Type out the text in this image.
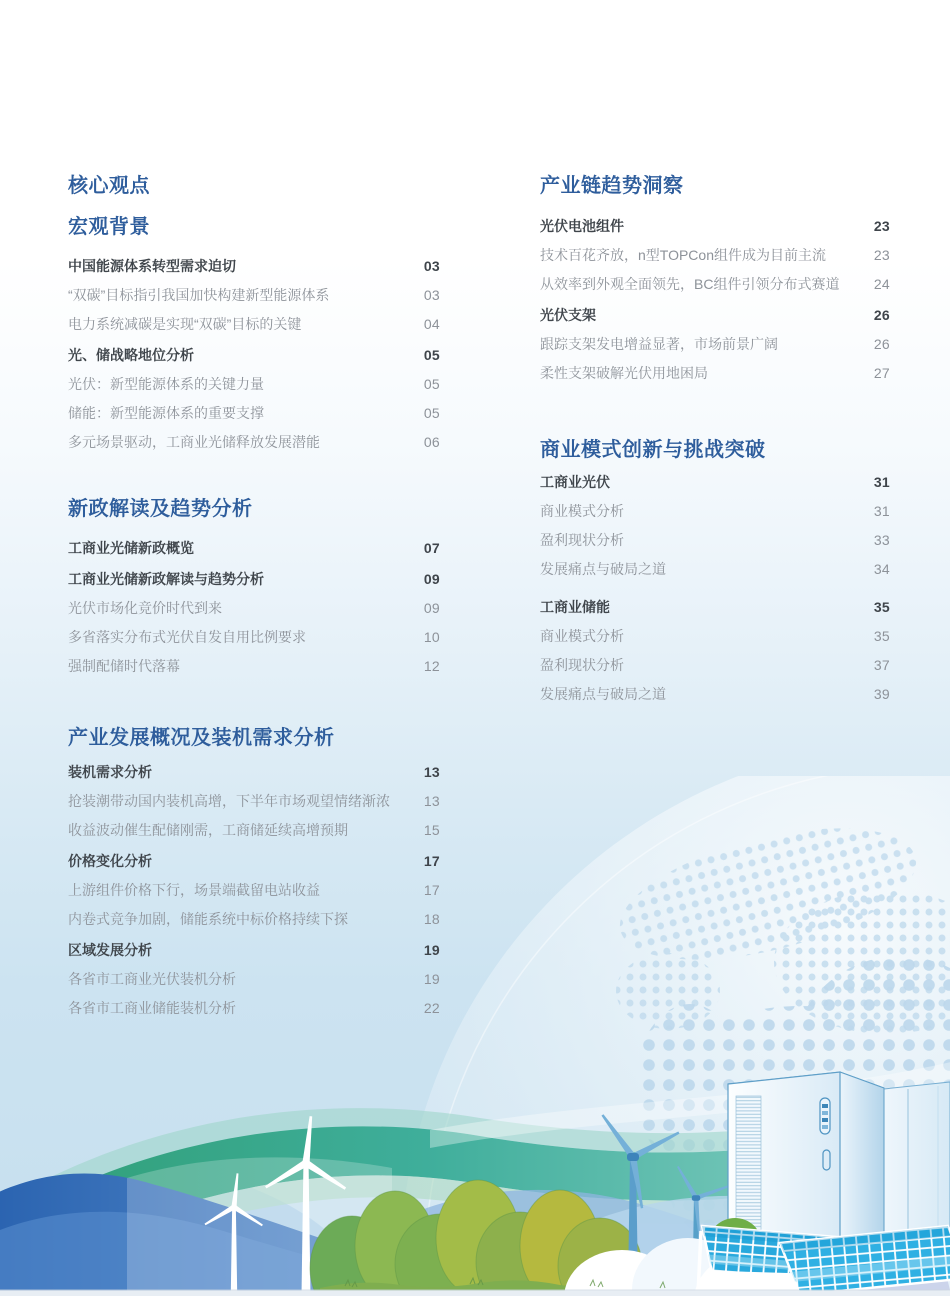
核心观点
宏观背景
中国能源体系转型需求迫切	03
“双碳”目标指引我国加快构建新型能源体系	03
电力系统减碳是实现“双碳”目标的关键	04
光、储战略地位分析	05
光伏：新型能源体系的关键力量	05
储能：新型能源体系的重要支撑	05
多元场景驱动，工商业光储释放发展潜能	06
新政解读及趋势分析
工商业光储新政概览	07
工商业光储新政解读与趋势分析	09
光伏市场化竞价时代到来	09
多省落实分布式光伏自发自用比例要求	10
强制配储时代落幕	12
产业发展概况及装机需求分析
装机需求分析	13
抢装潮带动国内装机高增，下半年市场观望情绪渐浓	13
收益波动催生配储刚需，工商储延续高增预期	15
价格变化分析	17
上游组件价格下行，场景端截留电站收益	17
内卷式竞争加剧，储能系统中标价格持续下探	18
区域发展分析	19
各省市工商业光伏装机分析	19
各省市工商业储能装机分析	22
产业链趋势洞察
光伏电池组件	23
技术百花齐放，n型TOPCon组件成为目前主流	23
从效率到外观全面领先，BC组件引领分布式赛道	24
光伏支架	26
跟踪支架发电增益显著，市场前景广阔	26
柔性支架破解光伏用地困局	27
商业模式创新与挑战突破
工商业光伏	31
商业模式分析	31
盈利现状分析	33
发展痛点与破局之道	34
工商业储能	35
商业模式分析	35
盈利现状分析	37
发展痛点与破局之道	39
